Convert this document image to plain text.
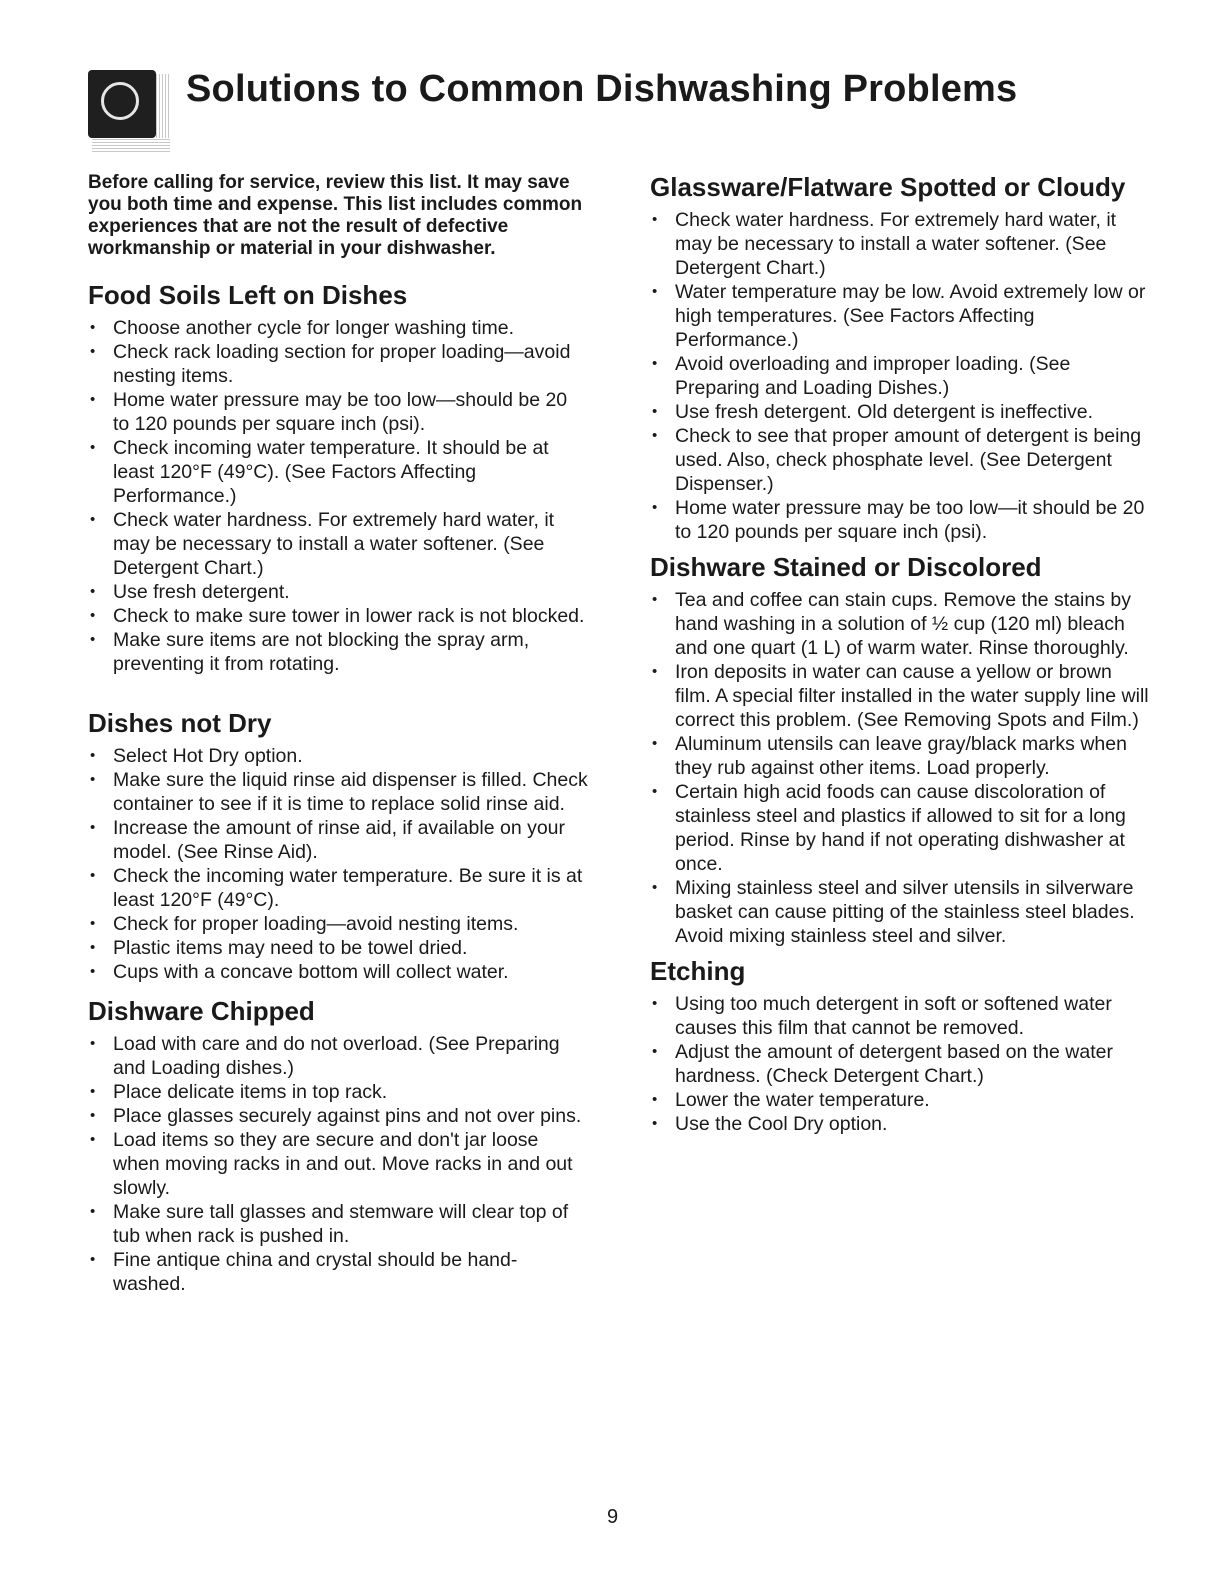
Solutions to Common Dishwashing Problems

Before calling for service, review this list. It may save you both time and expense. This list includes common experiences that are not the result of defective workmanship or material in your dishwasher.

Food Soils Left on Dishes
• Choose another cycle for longer washing time.
• Check rack loading section for proper loading—avoid nesting items.
• Home water pressure may be too low—should be 20 to 120 pounds per square inch (psi).
• Check incoming water temperature. It should be at least 120°F (49°C). (See Factors Affecting Performance.)
• Check water hardness. For extremely hard water, it may be necessary to install a water softener. (See Detergent Chart.)
• Use fresh detergent.
• Check to make sure tower in lower rack is not blocked.
• Make sure items are not blocking the spray arm, preventing it from rotating.
Dishes not Dry
• Select Hot Dry option.
• Make sure the liquid rinse aid dispenser is filled. Check container to see if it is time to replace solid rinse aid.
• Increase the amount of rinse aid, if available on your model. (See Rinse Aid).
• Check the incoming water temperature. Be sure it is at least 120°F (49°C).
• Check for proper loading—avoid nesting items.
• Plastic items may need to be towel dried.
• Cups with a concave bottom will collect water.
Dishware Chipped
• Load with care and do not overload. (See Preparing and Loading dishes.)
• Place delicate items in top rack.
• Place glasses securely against pins and not over pins.
• Load items so they are secure and don't jar loose when moving racks in and out. Move racks in and out slowly.
• Make sure tall glasses and stemware will clear top of tub when rack is pushed in.
• Fine antique china and crystal should be hand-washed.
Glassware/Flatware Spotted or Cloudy
• Check water hardness. For extremely hard water, it may be necessary to install a water softener. (See Detergent Chart.)
• Water temperature may be low. Avoid extremely low or high temperatures. (See Factors Affecting Performance.)
• Avoid overloading and improper loading. (See Preparing and Loading Dishes.)
• Use fresh detergent. Old detergent is ineffective.
• Check to see that proper amount of detergent is being used. Also, check phosphate level. (See Detergent Dispenser.)
• Home water pressure may be too low—it should be 20 to 120 pounds per square inch (psi).
Dishware Stained or Discolored
• Tea and coffee can stain cups. Remove the stains by hand washing in a solution of ½ cup (120 ml) bleach and one quart (1 L) of warm water. Rinse thoroughly.
• Iron deposits in water can cause a yellow or brown film. A special filter installed in the water supply line will correct this problem. (See Removing Spots and Film.)
• Aluminum utensils can leave gray/black marks when they rub against other items. Load properly.
• Certain high acid foods can cause discoloration of stainless steel and plastics if allowed to sit for a long period. Rinse by hand if not operating dishwasher at once.
• Mixing stainless steel and silver utensils in silverware basket can cause pitting of the stainless steel blades. Avoid mixing stainless steel and silver.
Etching
• Using too much detergent in soft or softened water causes this film that cannot be removed.
• Adjust the amount of detergent based on the water hardness. (Check Detergent Chart.)
• Lower the water temperature.
• Use the Cool Dry option.
9
